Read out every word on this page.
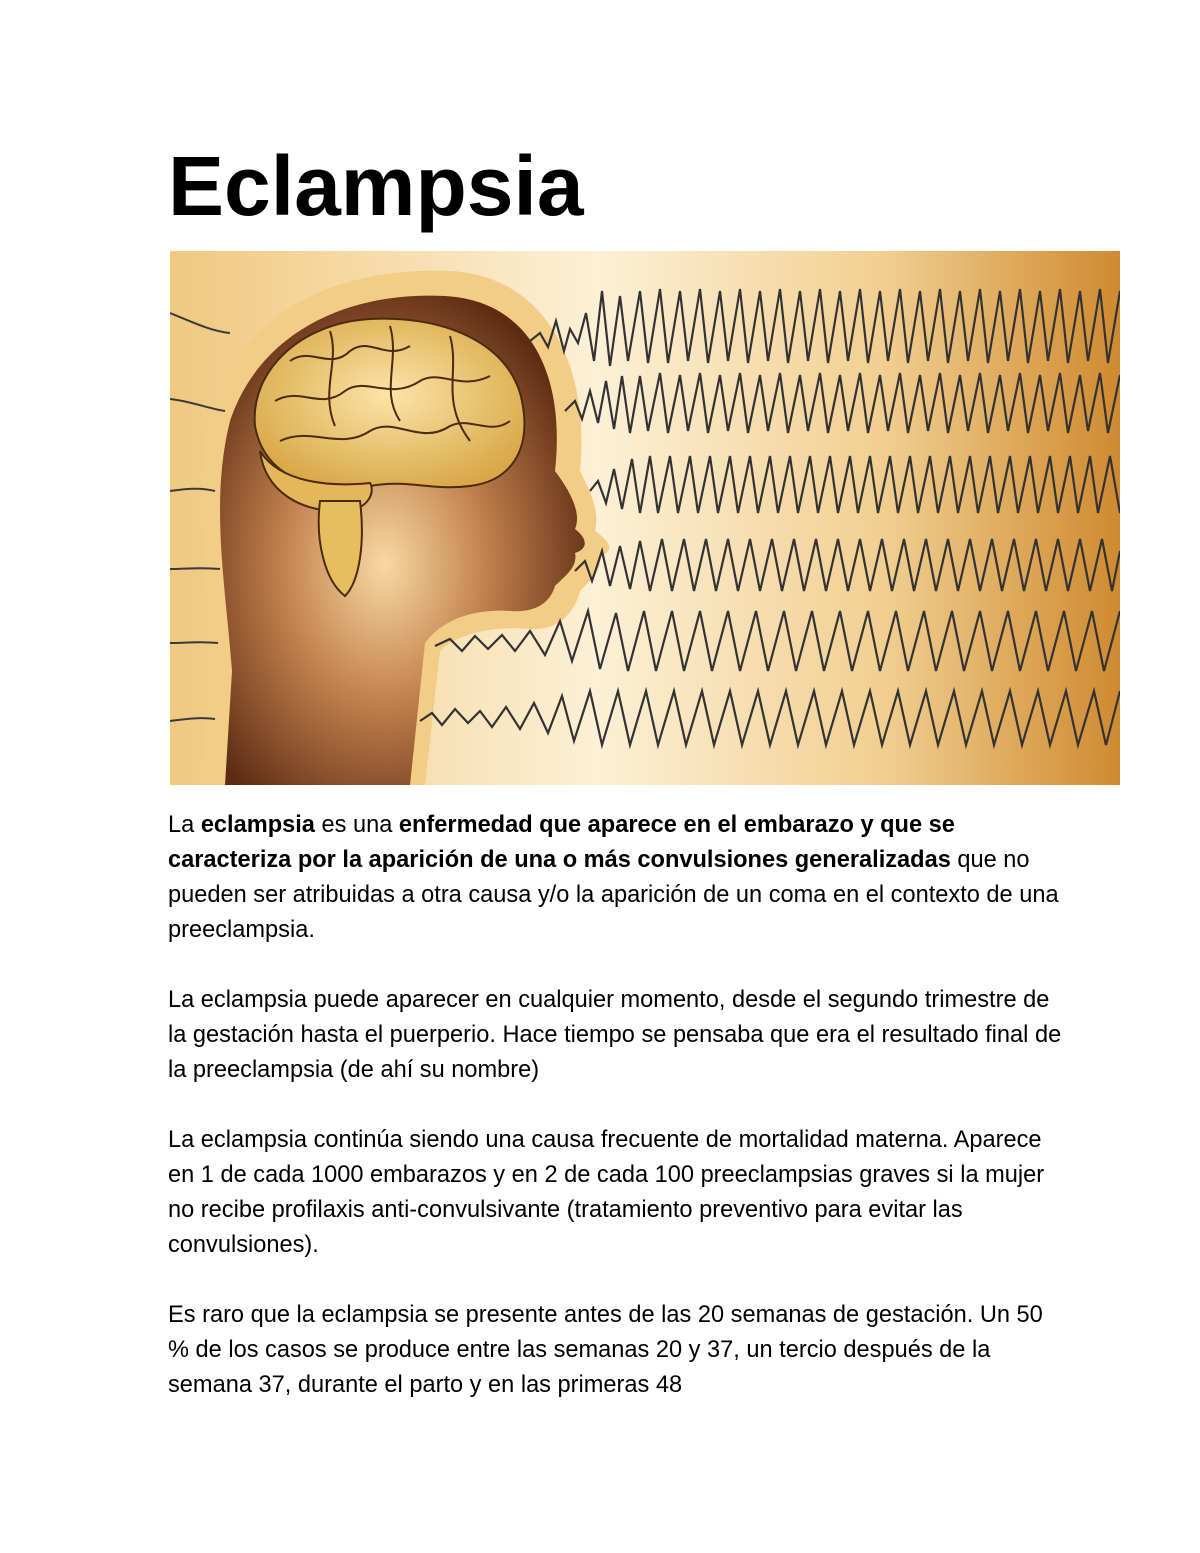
Eclampsia

La eclampsia es una enfermedad que aparece en el embarazo y que se caracteriza por la aparición de una o más convulsiones generalizadas que no pueden ser atribuidas a otra causa y/o la aparición de un coma en el contexto de una preeclampsia.

La eclampsia puede aparecer en cualquier momento, desde el segundo trimestre de la gestación hasta el puerperio. Hace tiempo se pensaba que era el resultado final de la preeclampsia (de ahí su nombre)

La eclampsia continúa siendo una causa frecuente de mortalidad materna. Aparece en 1 de cada 1000 embarazos y en 2 de cada 100 preeclampsias graves si la mujer no recibe profilaxis anti-convulsivante (tratamiento preventivo para evitar las convulsiones).

Es raro que la eclampsia se presente antes de las 20 semanas de gestación. Un 50 % de los casos se produce entre las semanas 20 y 37, un tercio después de la semana 37, durante el parto y en las primeras 48
